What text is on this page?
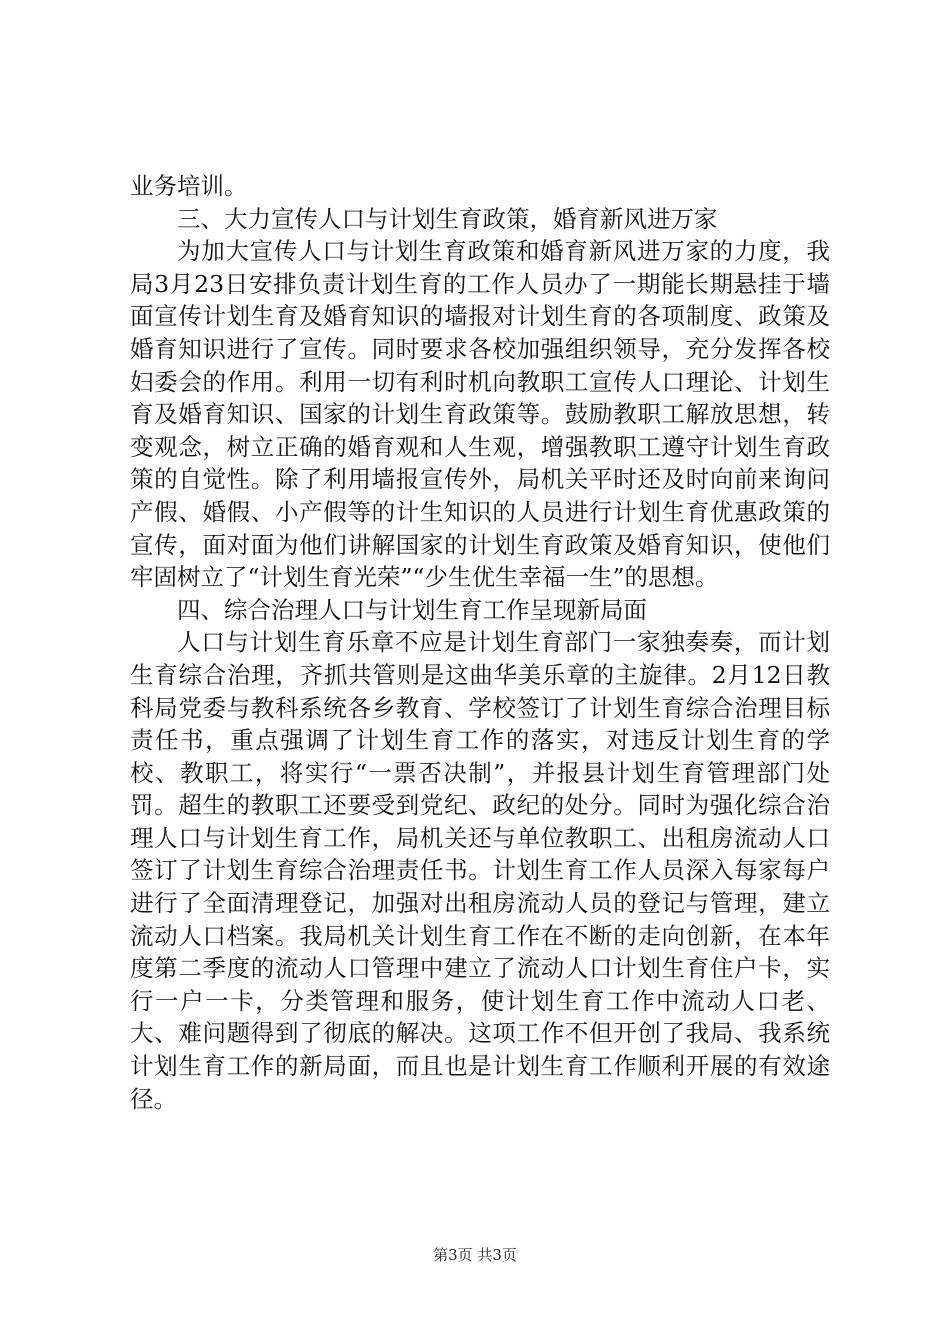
业务培训。

三、大力宣传人口与计划生育政策，婚育新风进万家

为加大宣传人口与计划生育政策和婚育新风进万家的力度，我局3月23日安排负责计划生育的工作人员办了一期能长期悬挂于墙面宣传计划生育及婚育知识的墙报对计划生育的各项制度、政策及婚育知识进行了宣传。同时要求各校加强组织领导，充分发挥各校妇委会的作用。利用一切有利时机向教职工宣传人口理论、计划生育及婚育知识、国家的计划生育政策等。鼓励教职工解放思想，转变观念，树立正确的婚育观和人生观，增强教职工遵守计划生育政策的自觉性。除了利用墙报宣传外，局机关平时还及时向前来询问产假、婚假、小产假等的计生知识的人员进行计划生育优惠政策的宣传，面对面为他们讲解国家的计划生育政策及婚育知识，使他们牢固树立了“计划生育光荣”“少生优生幸福一生”的思想。

四、综合治理人口与计划生育工作呈现新局面

人口与计划生育乐章不应是计划生育部门一家独奏奏，而计划生育综合治理，齐抓共管则是这曲华美乐章的主旋律。2月12日教科局党委与教科系统各乡教育、学校签订了计划生育综合治理目标责任书，重点强调了计划生育工作的落实，对违反计划生育的学校、教职工，将实行“一票否决制”，并报县计划生育管理部门处罚。超生的教职工还要受到党纪、政纪的处分。同时为强化综合治理人口与计划生育工作，局机关还与单位教职工、出租房流动人口签订了计划生育综合治理责任书。计划生育工作人员深入每家每户进行了全面清理登记，加强对出租房流动人员的登记与管理，建立流动人口档案。我局机关计划生育工作在不断的走向创新，在本年度第二季度的流动人口管理中建立了流动人口计划生育住户卡，实行一户一卡，分类管理和服务，使计划生育工作中流动人口老、大、难问题得到了彻底的解决。这项工作不但开创了我局、我系统计划生育工作的新局面，而且也是计划生育工作顺利开展的有效途径。

第3页 共3页
